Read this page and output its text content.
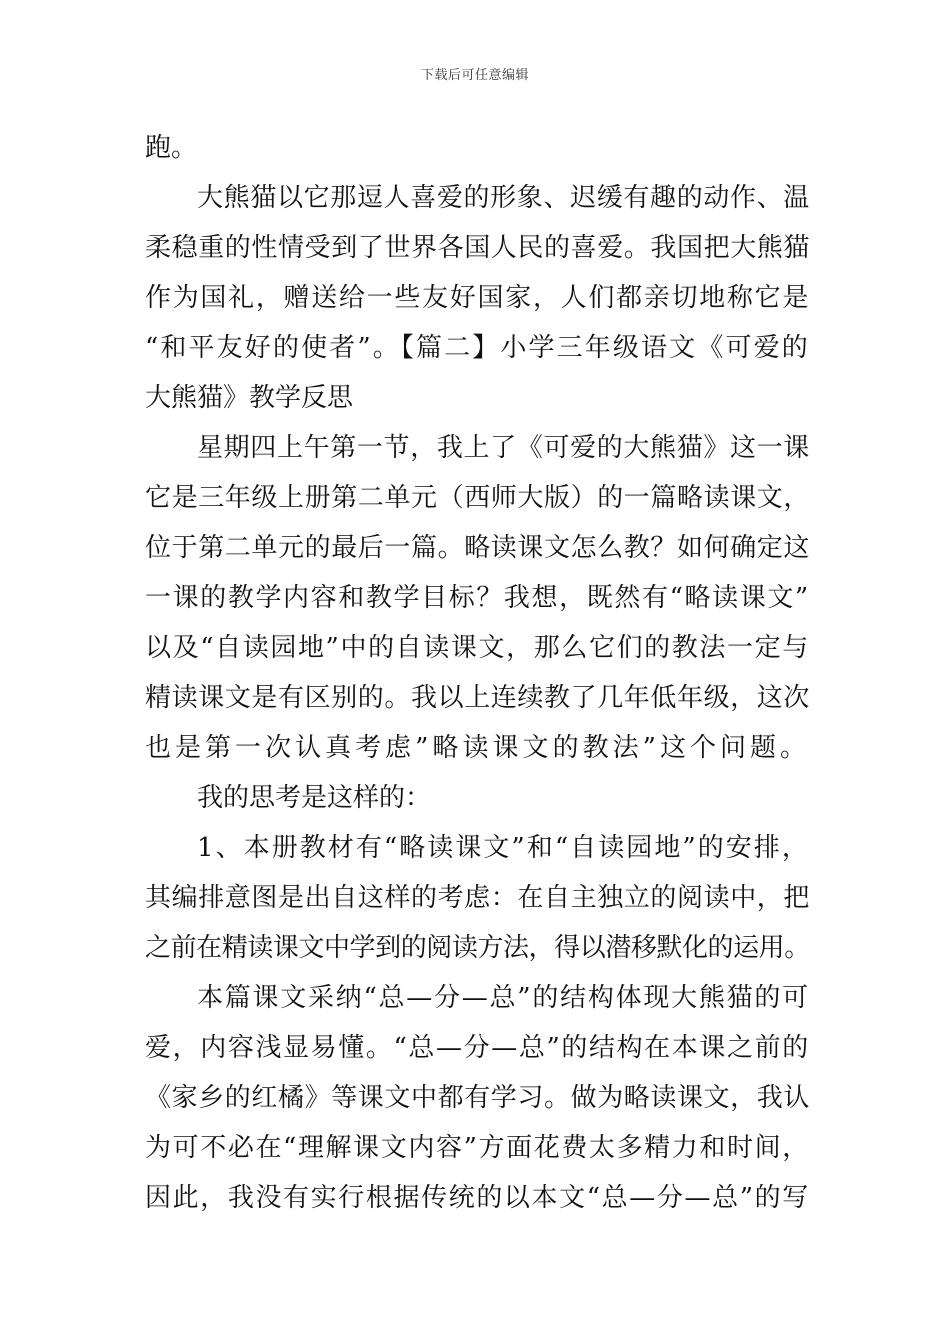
下载后可任意编辑
跑。
大熊猫以它那逗人喜爱的形象、迟缓有趣的动作、温
柔稳重的性情受到了世界各国人民的喜爱。我国把大熊猫
作为国礼，赠送给一些友好国家，人们都亲切地称它是
“和平友好的使者”。【篇二】小学三年级语文《可爱的
大熊猫》教学反思
星期四上午第一节，我上了《可爱的大熊猫》这一课
它是三年级上册第二单元（西师大版）的一篇略读课文，
位于第二单元的最后一篇。略读课文怎么教？如何确定这
一课的教学内容和教学目标？我想，既然有“略读课文”
以及“自读园地”中的自读课文，那么它们的教法一定与
精读课文是有区别的。我以上连续教了几年低年级，这次
也是第一次认真考虑”略读课文的教法”这个问题。
我的思考是这样的：
1、本册教材有“略读课文”和“自读园地”的安排，
其编排意图是出自这样的考虑：在自主独立的阅读中，把
之前在精读课文中学到的阅读方法，得以潜移默化的运用。
本篇课文采纳“总—分—总”的结构体现大熊猫的可
爱，内容浅显易懂。“总—分—总”的结构在本课之前的
《家乡的红橘》等课文中都有学习。做为略读课文，我认
为可不必在“理解课文内容”方面花费太多精力和时间，
因此，我没有实行根据传统的以本文“总—分—总”的写
